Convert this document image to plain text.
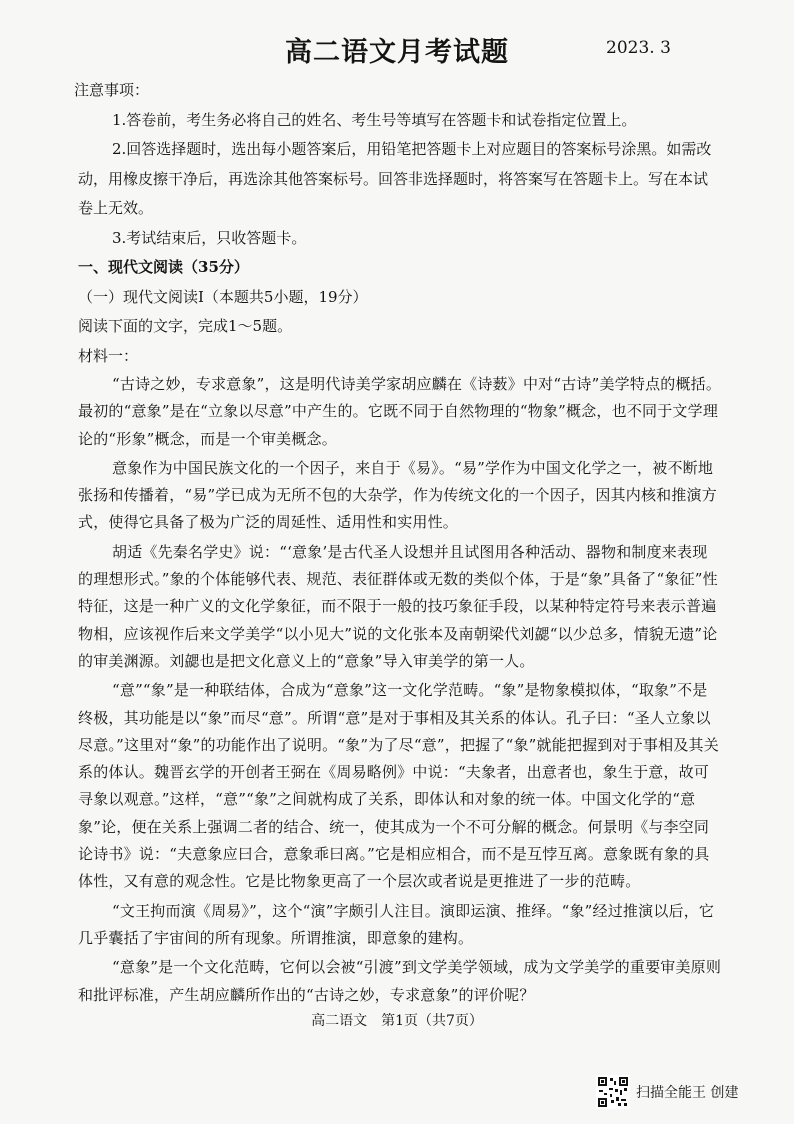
高二语文月考试题	2023. 3

注意事项：

1.答卷前，考生务必将自己的姓名、考生号等填写在答题卡和试卷指定位置上。

2.回答选择题时，选出每小题答案后，用铅笔把答题卡上对应题目的答案标号涂黑。如需改动，用橡皮擦干净后，再选涂其他答案标号。回答非选择题时，将答案写在答题卡上。写在本试卷上无效。

3.考试结束后，只收答题卡。

一、现代文阅读（35分）

（一）现代文阅读Ⅰ（本题共5小题，19分）

阅读下面的文字，完成1～5题。

材料一：

“古诗之妙，专求意象”，这是明代诗美学家胡应麟在《诗薮》中对“古诗”美学特点的概括。最初的“意象”是在“立象以尽意”中产生的。它既不同于自然物理的“物象”概念，也不同于文学理论的“形象”概念，而是一个审美概念。

意象作为中国民族文化的一个因子，来自于《易》。“易”学作为中国文化学之一，被不断地张扬和传播着，“易”学已成为无所不包的大杂学，作为传统文化的一个因子，因其内核和推演方式，使得它具备了极为广泛的周延性、适用性和实用性。

胡适《先秦名学史》说：“‘意象’是古代圣人设想并且试图用各种活动、器物和制度来表现的理想形式。”象的个体能够代表、规范、表征群体或无数的类似个体，于是“象”具备了“象征”性特征，这是一种广义的文化学象征，而不限于一般的技巧象征手段，以某种特定符号来表示普遍物相，应该视作后来文学美学“以小见大”说的文化张本及南朝梁代刘勰“以少总多，情貌无遗”论的审美渊源。刘勰也是把文化意义上的“意象”导入审美学的第一人。

“意”“象”是一种联结体，合成为“意象”这一文化学范畴。“象”是物象模拟体，“取象”不是终极，其功能是以“象”而尽“意”。所谓“意”是对于事相及其关系的体认。孔子曰：“圣人立象以尽意。”这里对“象”的功能作出了说明。“象”为了尽“意”，把握了“象”就能把握到对于事相及其关系的体认。魏晋玄学的开创者王弼在《周易略例》中说：“夫象者，出意者也，象生于意，故可寻象以观意。”这样，“意”“象”之间就构成了关系，即体认和对象的统一体。中国文化学的“意象”论，便在关系上强调二者的结合、统一，使其成为一个不可分解的概念。何景明《与李空同论诗书》说：“夫意象应曰合，意象乖曰离。”它是相应相合，而不是互悖互离。意象既有象的具体性，又有意的观念性。它是比物象更高了一个层次或者说是更推进了一步的范畴。

“文王拘而演《周易》”，这个“演”字颇引人注目。演即运演、推绎。“象”经过推演以后，它几乎囊括了宇宙间的所有现象。所谓推演，即意象的建构。

“意象”是一个文化范畴，它何以会被“引渡”到文学美学领域，成为文学美学的重要审美原则和批评标准，产生胡应麟所作出的“古诗之妙，专求意象”的评价呢？

高二语文　第1页（共7页）
扫描全能王 创建
